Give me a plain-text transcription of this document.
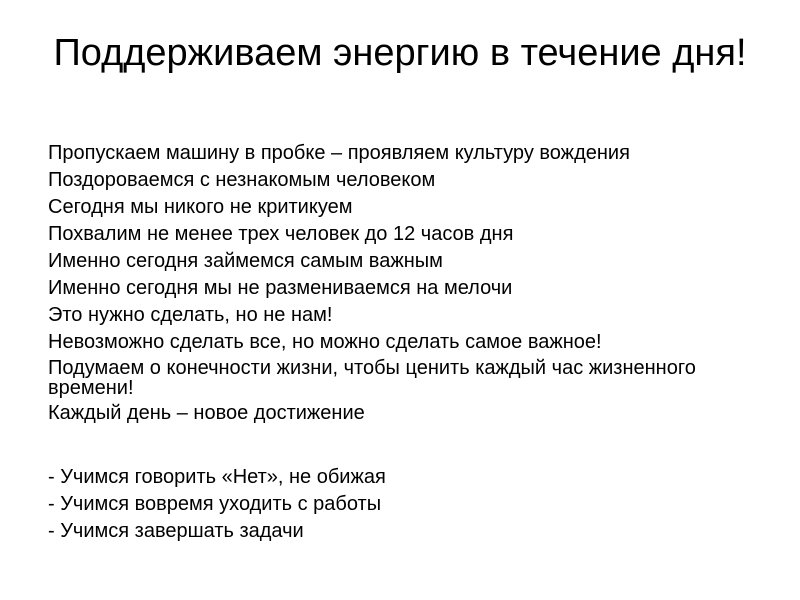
Поддерживаем энергию в течение дня!
Пропускаем машину в пробке – проявляем культуру вождения
Поздороваемся с незнакомым человеком
Сегодня мы никого не критикуем
Похвалим не менее трех человек до 12 часов дня
Именно сегодня займемся самым важным
Именно сегодня мы не размениваемся на мелочи
Это нужно сделать, но не нам!
Невозможно сделать все, но можно сделать самое важное!
Подумаем о конечности жизни, чтобы ценить каждый час жизненного времени!
Каждый день – новое достижение
- Учимся говорить «Нет», не обижая
- Учимся вовремя уходить с работы
- Учимся завершать задачи
